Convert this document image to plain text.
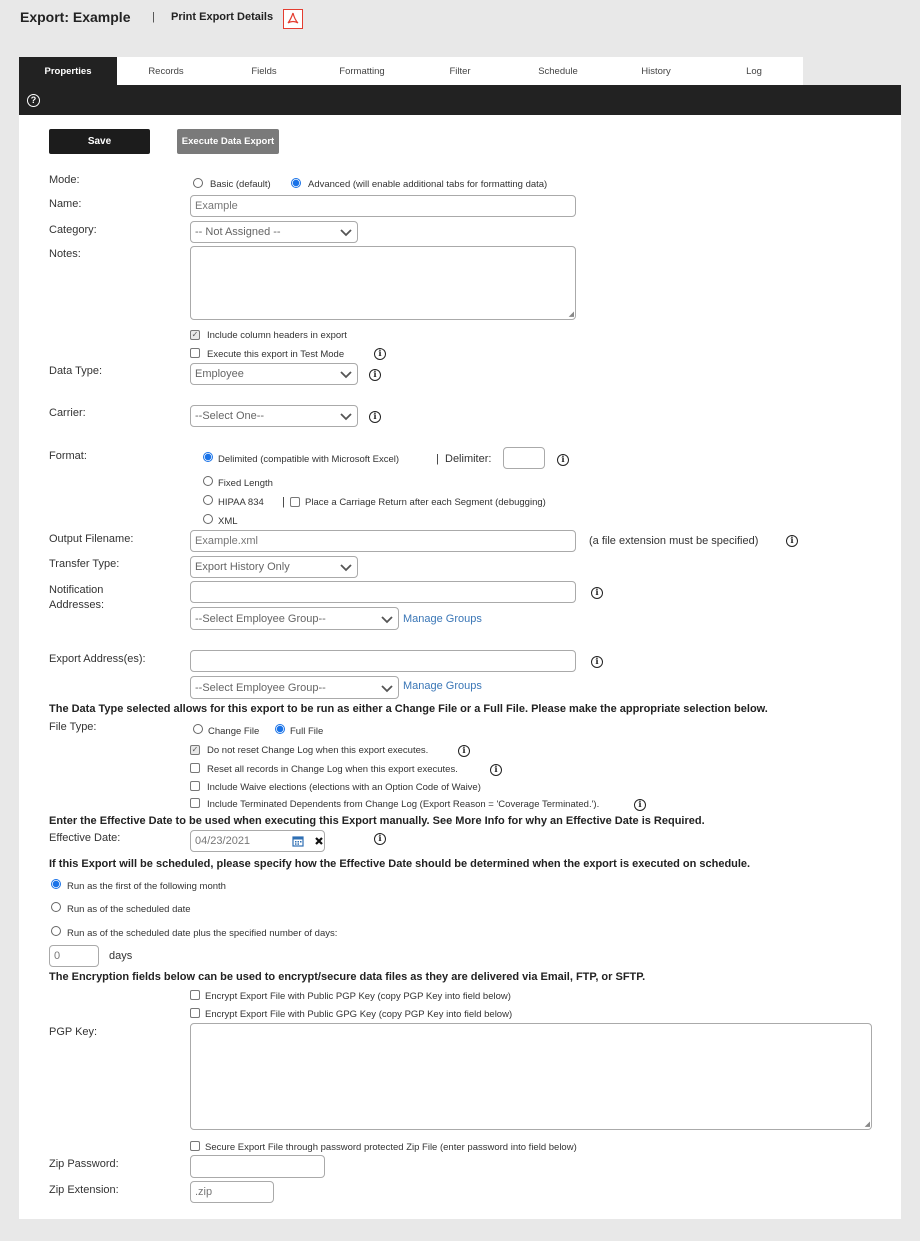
Export: Example | Print Export Details
Properties	Records	Fields	Formatting	Filter	Schedule	History	Log
?
Save	Execute Data Export
Mode:	Basic (default)	Advanced (will enable additional tabs for formatting data)
Name:	Example
Category:	-- Not Assigned --
Notes:
◢
✓ Include column headers in export
Execute this export in Test Mode	i
Data Type:	Employee	i
Carrier:	--Select One--	i
Format:	Delimited (compatible with Microsoft Excel)	| Delimiter:	i
Fixed Length
HIPAA 834 | Place a Carriage Return after each Segment (debugging)
XML
Output Filename:	Example.xml	(a file extension must be specified)	i
Transfer Type:	Export History Only
Notification
Addresses:
i
--Select Employee Group--	Manage Groups
Export Address(es):	i
--Select Employee Group--	Manage Groups
The Data Type selected allows for this export to be run as either a Change File or a Full File. Please make the appropriate selection below.
File Type:	Change File	Full File
✓ Do not reset Change Log when this export executes.	i
Reset all records in Change Log when this export executes.	i
Include Waive elections (elections with an Option Code of Waive)
Include Terminated Dependents from Change Log (Export Reason = 'Coverage Terminated.').	i
Enter the Effective Date to be used when executing this Export manually. See More Info for why an Effective Date is Required.
Effective Date:	04/23/2021	i
If this Export will be scheduled, please specify how the Effective Date should be determined when the export is executed on schedule.
Run as the first of the following month
Run as of the scheduled date
Run as of the scheduled date plus the specified number of days:
0	days
The Encryption fields below can be used to encrypt/secure data files as they are delivered via Email, FTP, or SFTP.
Encrypt Export File with Public PGP Key (copy PGP Key into field below)
Encrypt Export File with Public GPG Key (copy PGP Key into field below)
PGP Key:
◢
Secure Export File through password protected Zip File (enter password into field below)
Zip Password:
Zip Extension:	.zip
